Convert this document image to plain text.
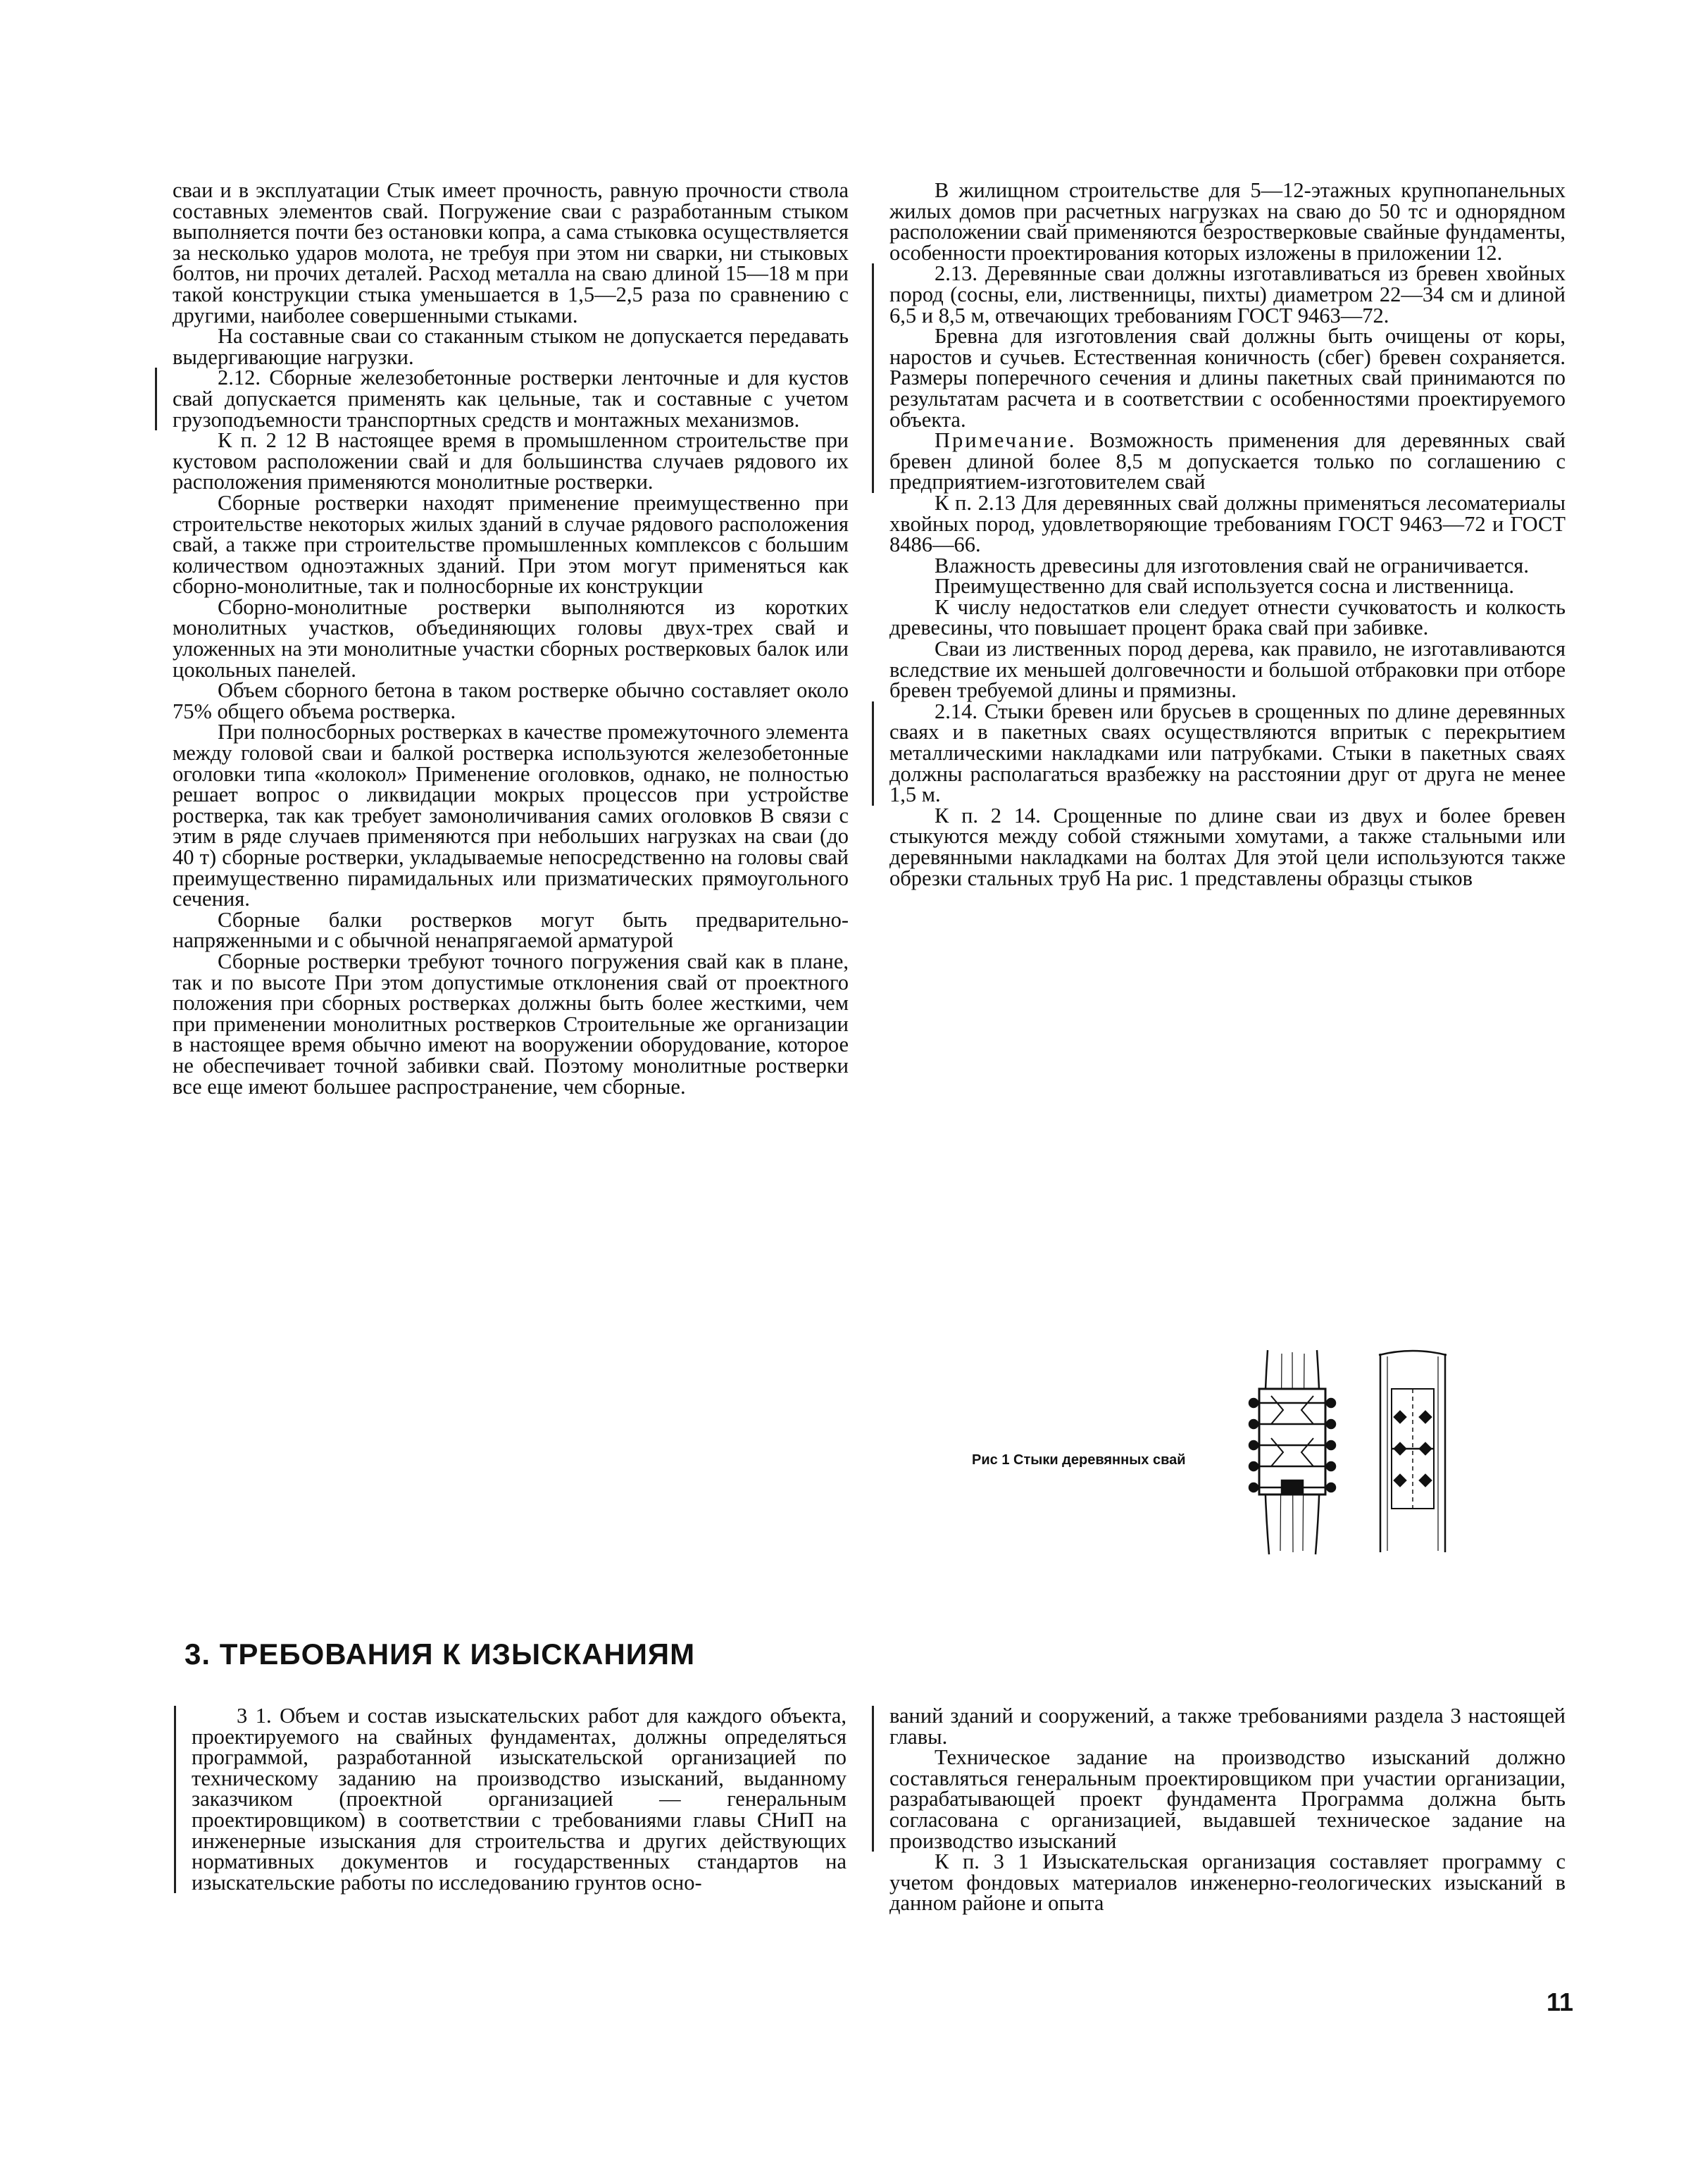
сваи и в эксплуатации Стык имеет прочность, равную прочности ствола составных элементов свай. Погружение сваи с разработанным стыком выполняется почти без остановки копра, а сама стыковка осуществляется за несколько ударов молота, не требуя при этом ни сварки, ни стыковых болтов, ни прочих деталей. Расход металла на сваю длиной 15—18 м при такой конструкции стыка уменьшается в 1,5—2,5 раза по сравнению с другими, наиболее совершенными стыками.

На составные сваи со стаканным стыком не допускается передавать выдергивающие нагрузки.

2.12. Сборные железобетонные ростверки ленточные и для кустов свай допускается применять как цельные, так и составные с учетом грузоподъемности транспортных средств и монтажных механизмов.

К п. 2 12 В настоящее время в промышленном строительстве при кустовом расположении свай и для большинства случаев рядового их расположения применяются монолитные ростверки.

Сборные ростверки находят применение преимущественно при строительстве некоторых жилых зданий в случае рядового расположения свай, а также при строительстве промышленных комплексов с большим количеством одноэтажных зданий. При этом могут применяться как сборно-монолитные, так и полносборные их конструкции

Сборно-монолитные ростверки выполняются из коротких монолитных участков, объединяющих головы двух-трех свай и уложенных на эти монолитные участки сборных ростверковых балок или цокольных панелей.

Объем сборного бетона в таком ростверке обычно составляет около 75% общего объема ростверка.

При полносборных ростверках в качестве промежуточного элемента между головой сваи и балкой ростверка используются железобетонные оголовки типа «колокол» Применение оголовков, однако, не полностью решает вопрос о ликвидации мокрых процессов при устройстве ростверка, так как требует замоноличивания самих оголовков В связи с этим в ряде случаев применяются при небольших нагрузках на сваи (до 40 т) сборные ростверки, укладываемые непосредственно на головы свай преимущественно пирамидальных или призматических прямоугольного сечения.

Сборные балки ростверков могут быть предварительно-напряженными и с обычной ненапрягаемой арматурой

Сборные ростверки требуют точного погружения свай как в плане, так и по высоте При этом допустимые отклонения свай от проектного положения при сборных ростверках должны быть более жесткими, чем при применении монолитных ростверков Строительные же организации в настоящее время обычно имеют на вооружении оборудование, которое не обеспечивает точной забивки свай. Поэтому монолитные ростверки все еще имеют большее распространение, чем сборные.

В жилищном строительстве для 5—12-этажных крупнопанельных жилых домов при расчетных нагрузках на сваю до 50 тс и однорядном расположении свай применяются безростверковые свайные фундаменты, особенности проектирования которых изложены в приложении 12.

2.13. Деревянные сваи должны изготавливаться из бревен хвойных пород (сосны, ели, лиственницы, пихты) диаметром 22—34 см и длиной 6,5 и 8,5 м, отвечающих требованиям ГОСТ 9463—72.

Бревна для изготовления свай должны быть очищены от коры, наростов и сучьев. Естественная коничность (сбег) бревен сохраняется. Размеры поперечного сечения и длины пакетных свай принимаются по результатам расчета и в соответствии с особенностями проектируемого объекта.

Примечание. Возможность применения для деревянных свай бревен длиной более 8,5 м допускается только по соглашению с предприятием-изготовителем свай

К п. 2.13 Для деревянных свай должны применяться лесоматериалы хвойных пород, удовлетворяющие требованиям ГОСТ 9463—72 и ГОСТ 8486—66.

Влажность древесины для изготовления свай не ограничивается.

Преимущественно для свай используется сосна и лиственница.

К числу недостатков ели следует отнести сучковатость и колкость древесины, что повышает процент брака свай при забивке.

Сваи из лиственных пород дерева, как правило, не изготавливаются вследствие их меньшей долговечности и большой отбраковки при отборе бревен требуемой длины и прямизны.

2.14. Стыки бревен или брусьев в срощенных по длине деревянных сваях и в пакетных сваях осуществляются впритык с перекрытием металлическими накладками или патрубками. Стыки в пакетных сваях должны располагаться вразбежку на расстоянии друг от друга не менее 1,5 м.

К п. 2 14. Срощенные по длине сваи из двух и более бревен стыкуются между собой стяжными хомутами, а также стальными или деревянными накладками на болтах Для этой цели используются также обрезки стальных труб На рис. 1 представлены образцы стыков

Рис 1 Стыки деревянных свай
3. ТРЕБОВАНИЯ К ИЗЫСКАНИЯМ

3 1. Объем и состав изыскательских работ для каждого объекта, проектируемого на свайных фундаментах, должны определяться программой, разработанной изыскательской организацией по техническому заданию на производство изысканий, выданному заказчиком (проектной организацией — генеральным проектировщиком) в соответствии с требованиями главы СНиП на инженерные изыскания для строительства и других действующих нормативных документов и государственных стандартов на изыскательские работы по исследованию грунтов осно-

ваний зданий и сооружений, а также требованиями раздела 3 настоящей главы.

Техническое задание на производство изысканий должно составляться генеральным проектировщиком при участии организации, разрабатывающей проект фундамента Программа должна быть согласована с организацией, выдавшей техническое задание на производство изысканий

К п. 3 1 Изыскательская организация составляет программу с учетом фондовых материалов инженерно-геологических изысканий в данном районе и опыта

11
